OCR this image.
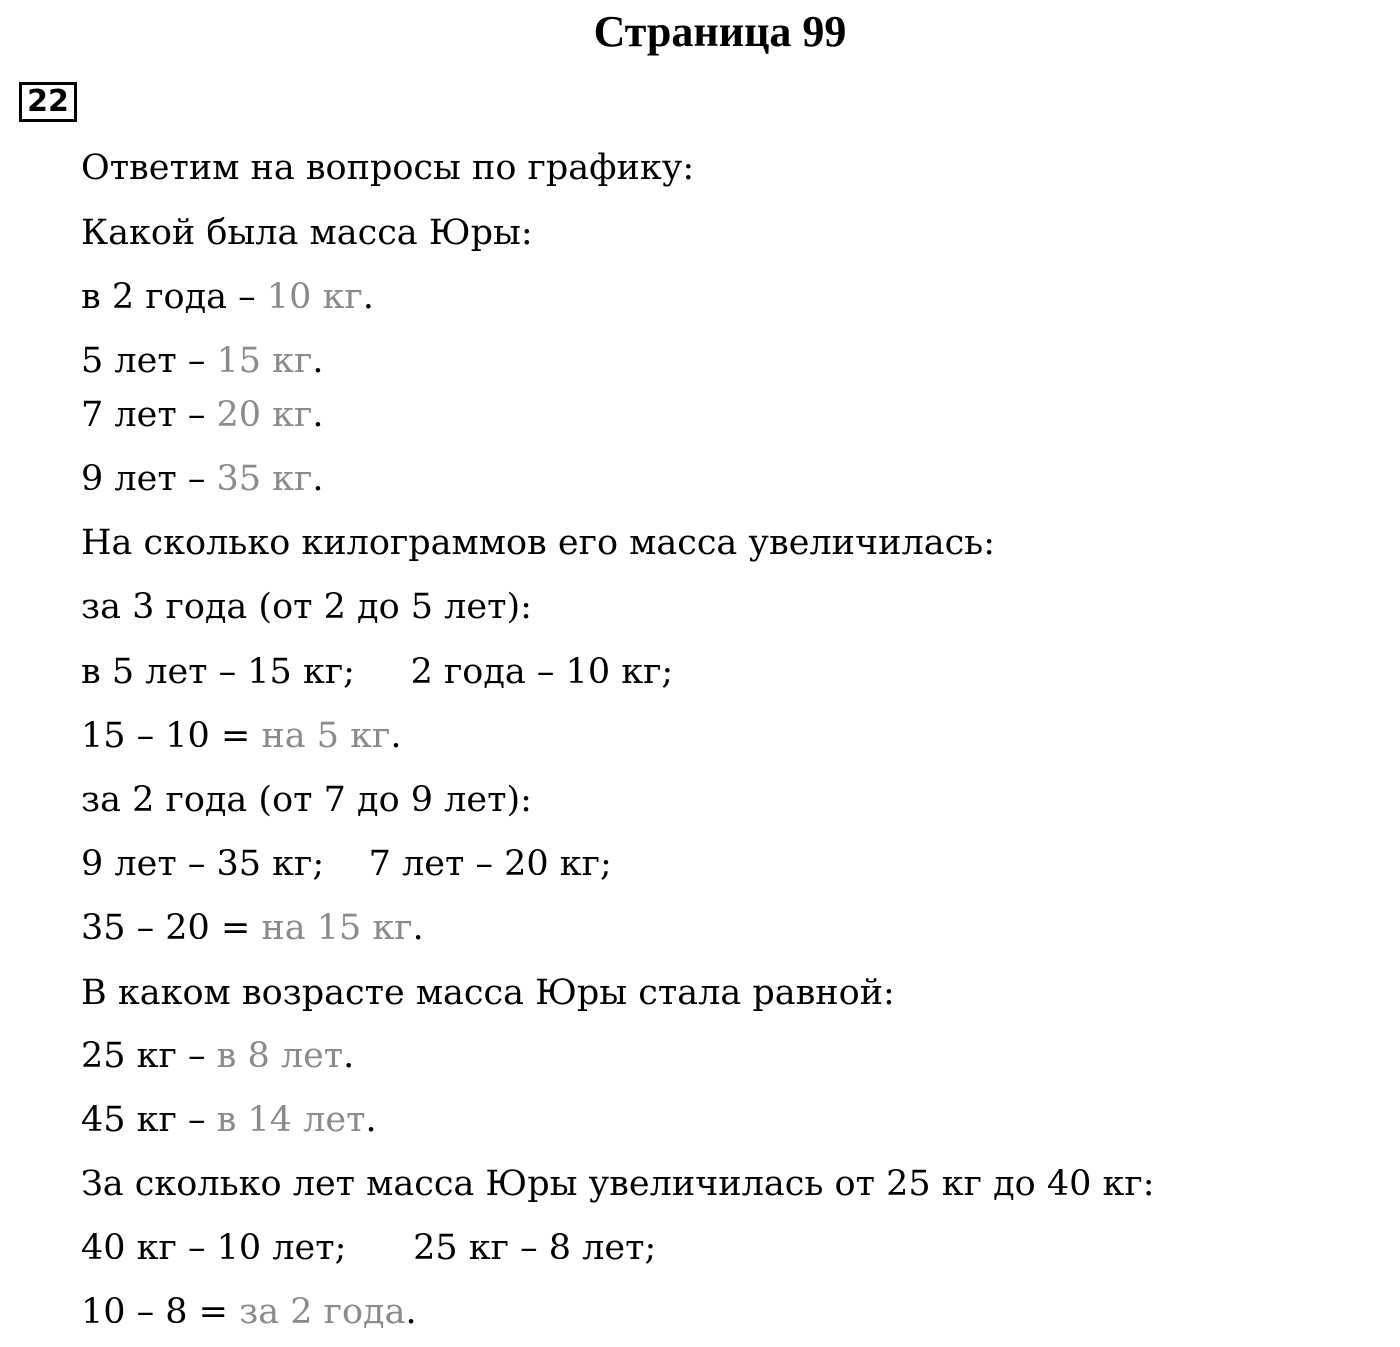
Страница 99
22
Ответим на вопросы по графику:
Какой была масса Юры:
в 2 года – 10 кг.
5 лет – 15 кг.
7 лет – 20 кг.
9 лет – 35 кг.
На сколько килограммов его масса увеличилась:
за 3 года (от 2 до 5 лет):
в 5 лет – 15 кг;     2 года – 10 кг;
15 – 10 = на 5 кг.
за 2 года (от 7 до 9 лет):
9 лет – 35 кг;    7 лет – 20 кг;
35 – 20 = на 15 кг.
В каком возрасте масса Юры стала равной:
25 кг – в 8 лет.
45 кг – в 14 лет.
За сколько лет масса Юры увеличилась от 25 кг до 40 кг:
40 кг – 10 лет;      25 кг – 8 лет;
10 – 8 = за 2 года.
